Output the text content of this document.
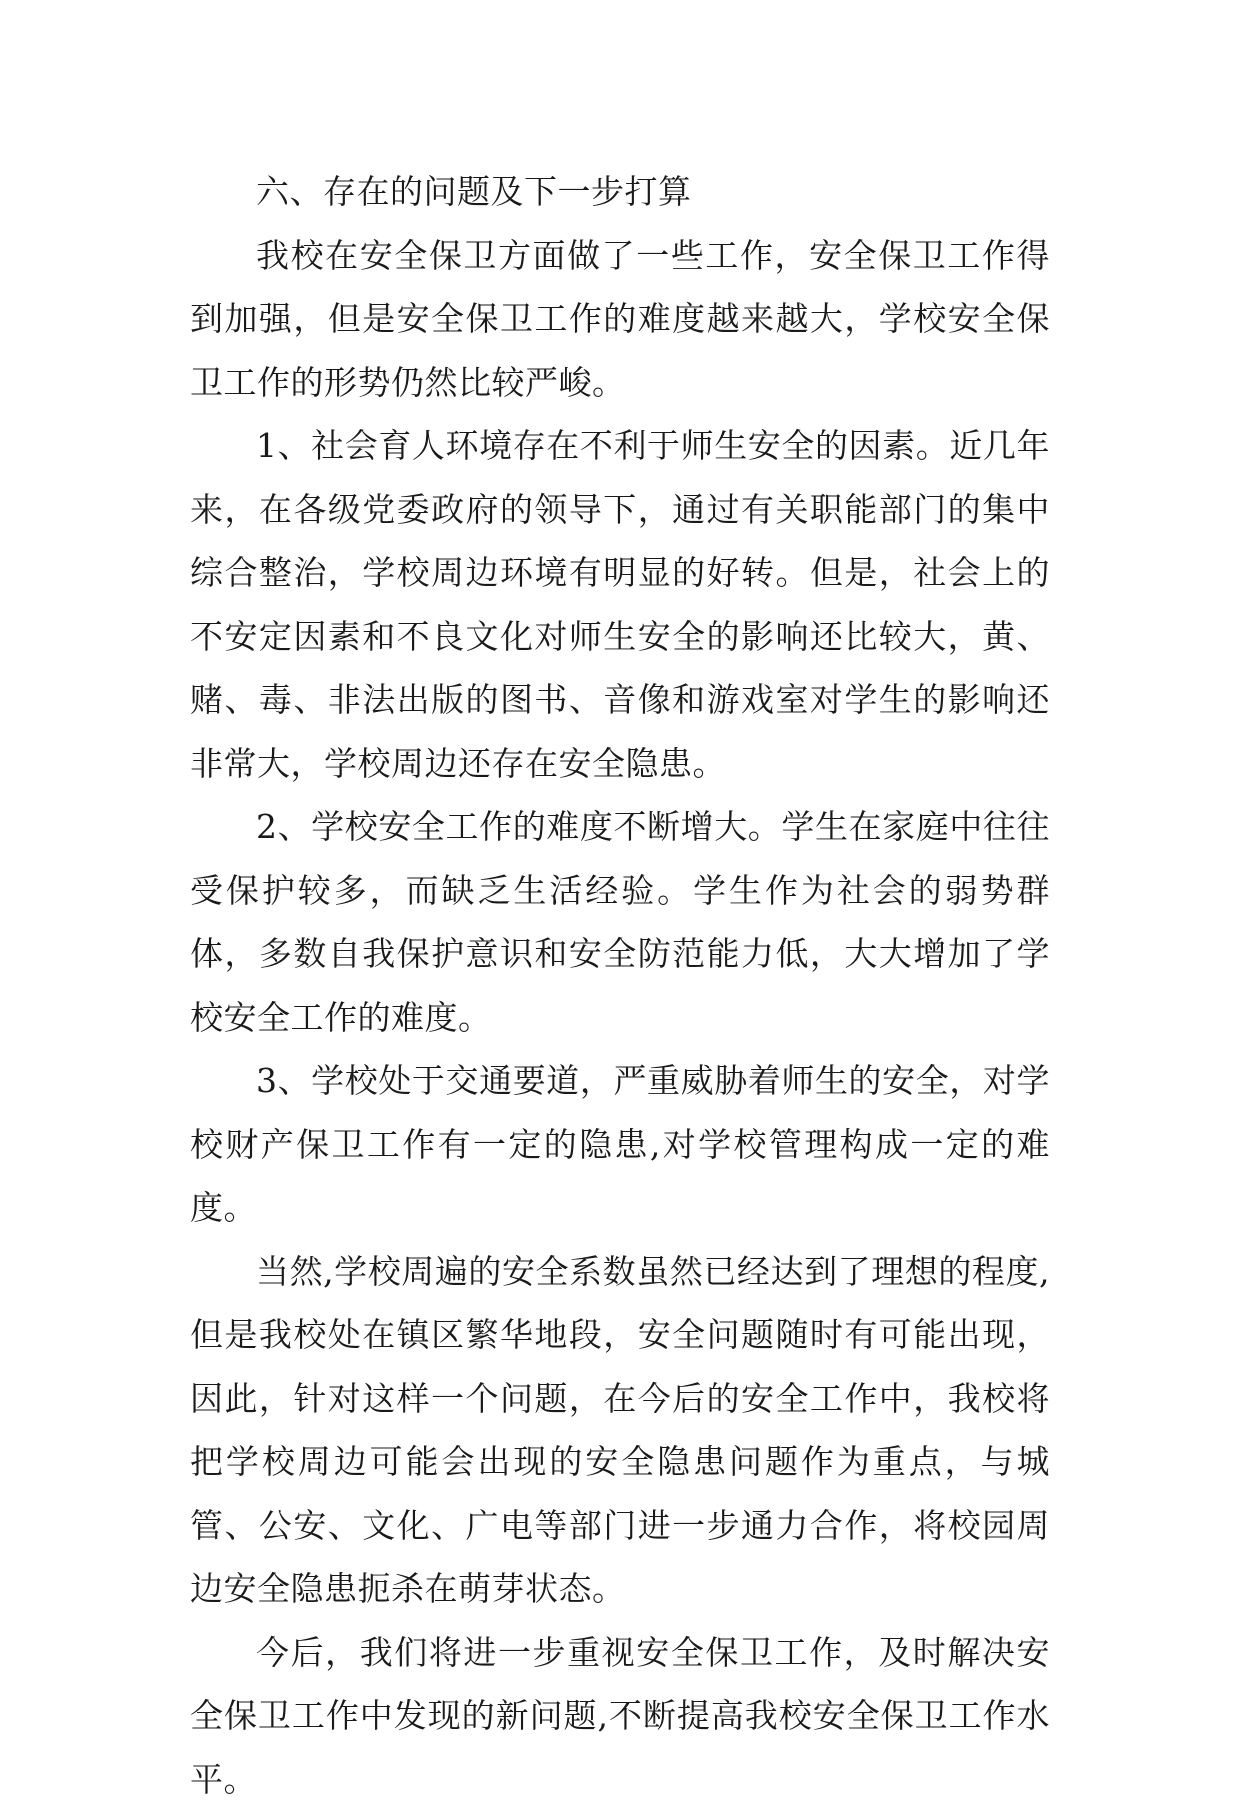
六、存在的问题及下一步打算

我校在安全保卫方面做了一些工作，安全保卫工作得到加强，但是安全保卫工作的难度越来越大，学校安全保卫工作的形势仍然比较严峻。

1、社会育人环境存在不利于师生安全的因素。近几年来，在各级党委政府的领导下，通过有关职能部门的集中综合整治，学校周边环境有明显的好转。但是，社会上的不安定因素和不良文化对师生安全的影响还比较大，黄、赌、毒、非法出版的图书、音像和游戏室对学生的影响还非常大，学校周边还存在安全隐患。

2、学校安全工作的难度不断增大。学生在家庭中往往受保护较多，而缺乏生活经验。学生作为社会的弱势群体，多数自我保护意识和安全防范能力低，大大增加了学校安全工作的难度。

3、学校处于交通要道，严重威胁着师生的安全，对学校财产保卫工作有一定的隐患,对学校管理构成一定的难度。

当然,学校周遍的安全系数虽然已经达到了理想的程度,但是我校处在镇区繁华地段，安全问题随时有可能出现，因此，针对这样一个问题，在今后的安全工作中，我校将把学校周边可能会出现的安全隐患问题作为重点，与城管、公安、文化、广电等部门进一步通力合作，将校园周边安全隐患扼杀在萌芽状态。

今后，我们将进一步重视安全保卫工作，及时解决安全保卫工作中发现的新问题,不断提高我校安全保卫工作水平。
